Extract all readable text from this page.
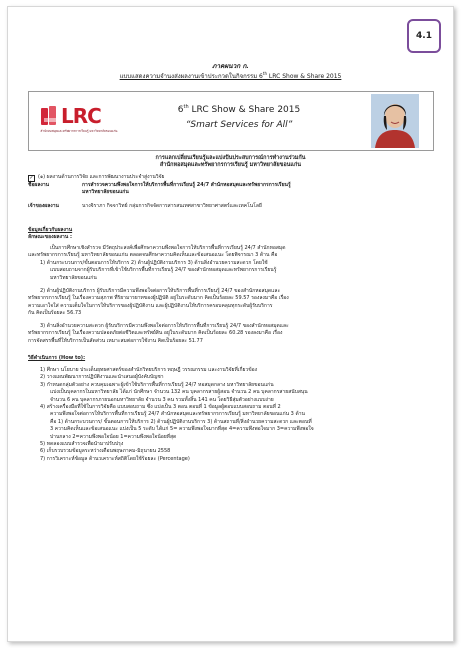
4.1
ภาคผนวก ก.
แบบแสดงความจำนงส่งผลงานเข้าประกวดในกิจกรรม 6th LRC Show & Share 2015
LRC
สำนักหอสมุดและทรัพยากรการเรียนรู้ มหาวิทยาลัยขอนแก่น
6th LRC Show & Share 2015
“Smart Services for All”

การแลกเปลี่ยนเรียนรู้และแบ่งปันประสบการณ์การทำงานร่วมกัน

สำนักหอสมุดและทรัพยากรการเรียนรู้ มหาวิทยาลัยขอนแก่น

✓ (๑) ผลงานด้านการวิจัย และการพัฒนางานประจำสู่งานวิจัย
ชื่อผลงาน	การสำรวจความพึงพอใจการให้บริการพื้นที่การเรียนรู้ 24/7 สำนักหอสมุดและทรัพยากรการเรียนรู้

มหาวิทยาลัยขอนแก่น

เจ้าของผลงาน	นางจิราภา กิจจาวิทย์ กลุ่มการกิจจัดการสารสนเทศสาขาวิทยาศาสตร์และเทคโนโลยี

ข้อมูลเกี่ยวกับผลงาน

ลักษณะของผลงาน :

เป็นการศึกษาเชิงสำรวจ มีวัตถุประสงค์เพื่อศึกษาความพึงพอใจการให้บริการพื้นที่การเรียนรู้ 24/7 สำนักหอสมุด

และทรัพยากรการเรียนรู้ มหาวิทยาลัยขอนแก่น ตลอดจนศึกษาความคิดเห็นและข้อเสนอแนะ โดยพิจารณา 3 ด้าน คือ

1) ด้านกระบวนการ/ขั้นตอนการให้บริการ 2) ด้านผู้ปฏิบัติงานบริการ 3) ด้านสิ่งอำนวยความสะดวก โดยใช้

แบบสอบถามจากผู้รับบริการที่เข้าใช้บริการพื้นที่การเรียนรู้ 24/7 ของสำนักหอสมุดและทรัพยากรการเรียนรู้

มหาวิทยาลัยขอนแก่น

2) ด้านผู้ปฏิบัติงานบริการ ผู้รับบริการมีความพึงพอใจต่อการให้บริการพื้นที่การเรียนรู้ 24/7 ของสำนักหอสมุดและ

ทรัพยากรการเรียนรู้ ในเรื่องความสุภาพ ที่ริยามารยาทของผู้ปฏิบัติ อยู่ในระดับมาก คิดเป็นร้อยละ 59.57 รองลงมาคือ เรื่อง

ความเอาใจใส่ ความเต็มใจในการให้บริการของผู้ปฏิบัติงาน และผู้ปฏิบัติงานให้บริการครอบคลุมทุกระดับผู้รับบริการ

กัน คิดเป็นร้อยละ 56.73

3) ด้านสิ่งอำนวยความสะดวก ผู้รับบริการมีความพึงพอใจต่อการให้บริการพื้นที่การเรียนรู้ 24/7 ของสำนักหอสมุดและ

ทรัพยากรการเรียนรู้ ในเรื่องความปลอดภัยต่อชีวิตและทรัพย์สิน อยู่ในระดับมาก คิดเป็นร้อยละ 60.28 รองลงมาคือ เรื่อง

การจัดสรรพื้นที่ให้บริการเป็นสัดส่วน เหมาะสมต่อการใช้งาน คิดเป็นร้อยละ 51.77

วิธีดำเนินการ (How to):

1) ศึกษา นโยบาย ประเด็นยุทธศาสตร์ของสำนักวิทยบริการ ทฤษฎี วรรณกรรม และงานวิจัยที่เกี่ยวข้อง

2) วางแผนพัฒนาการปฏิบัติงานและนำเสนอผู้บังคับบัญชา

3) กำหนดกลุ่มตัวอย่าง ควบคุมเฉพาะผู้เข้าใช้บริการพื้นที่การเรียนรู้ 24/7 หอสมุดกลาง มหาวิทยาลัยขอนแก่น

แบ่งเป็นบุคลากรในมหาวิทยาลัย ได้แก่ นักศึกษา จำนวน 132 คน บุคลากรสายผู้สอน จำนวน 2 คน บุคลากรสายสนับสนุน

จำนวน 6 คน บุคลากรภายนอกมหาวิทยาลัย จำนวน 3 คน รวมทั้งสิ้น 141 คน โดยวิธีสุ่มตัวอย่างแบบง่าย

4) สร้างเครื่องมือที่ใช้ในการวิจัยคือ แบบสอบถาม ซึ่ง แบ่งเป็น 3 ตอน ตอนที่ 1 ข้อมูลผู้ตอบแบบสอบถาม ตอนที่ 2

ความพึงพอใจต่อการให้บริการพื้นที่การเรียนรู้ 24/7 สำนักหอสมุดและทรัพยากรการเรียนรู้ มหาวิทยาลัยขอนแก่น 3 ด้าน

คือ 1) ด้านกระบวนการ/ ขั้นตอนการให้บริการ 2) ด้านผู้ปฏิบัติงานบริการ 3) ด้านสถานที่/สิ่งอำนวยความสะดวก และตอนที่

3 ความคิดเห็นและข้อเสนอแนะ แบ่งเป็น 5 ระดับ ได้แก่ 5= ความพึงพอใจมากที่สุด 4=ความพึงพอใจมาก 3=ความพึงพอใจ

ปานกลาง 2=ความพึงพอใจน้อย 1=ความพึงพอใจน้อยที่สุด

5) ทดลองแบบสำรวจเพื่อนำมาปรับปรุง

6) เก็บรวบรวมข้อมูลระหว่างเดือนพฤษภาคม-มิถุนายน 2558

7) การวิเคราะห์ข้อมูล ด้านวเคราะห์สถิติโดยใช้ร้อยละ (Percentage)
